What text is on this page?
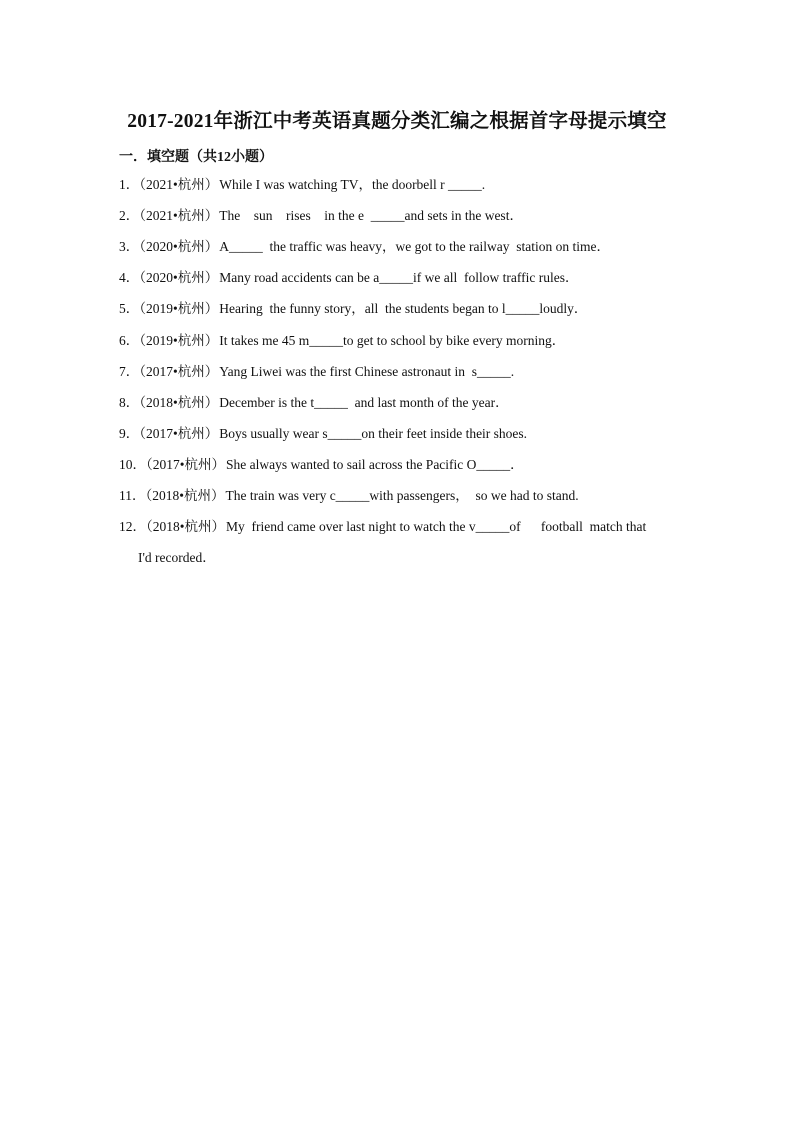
2017-2021年浙江中考英语真题分类汇编之根据首字母提示填空
一．填空题（共12小题）
1．（2021•杭州）While I was watching TV，the doorbell r _____.
2．（2021•杭州）The    sun    rises    in the e  _____and sets in the west．
3．（2020•杭州）A_____  the traffic was heavy，we got to the railway  station on time．
4．（2020•杭州）Many road accidents can be a_____if we all  follow traffic rules．
5．（2019•杭州）Hearing  the funny story，all  the students began to l_____loudly．
6．（2019•杭州）It takes me 45 m_____to get to school by bike every morning．
7．（2017•杭州）Yang Liwei was the first Chinese astronaut in  s_____.
8．（2018•杭州）December is the t_____  and last month of the year．
9．（2017•杭州）Boys usually wear s_____on their feet inside their shoes.
10．（2017•杭州）She always wanted to sail across the Pacific O_____．
11．（2018•杭州）The train was very c_____with passengers，  so we had to stand.
12．（2018•杭州）My  friend came over last night to watch the v_____of      football  match that
I'd recorded．
